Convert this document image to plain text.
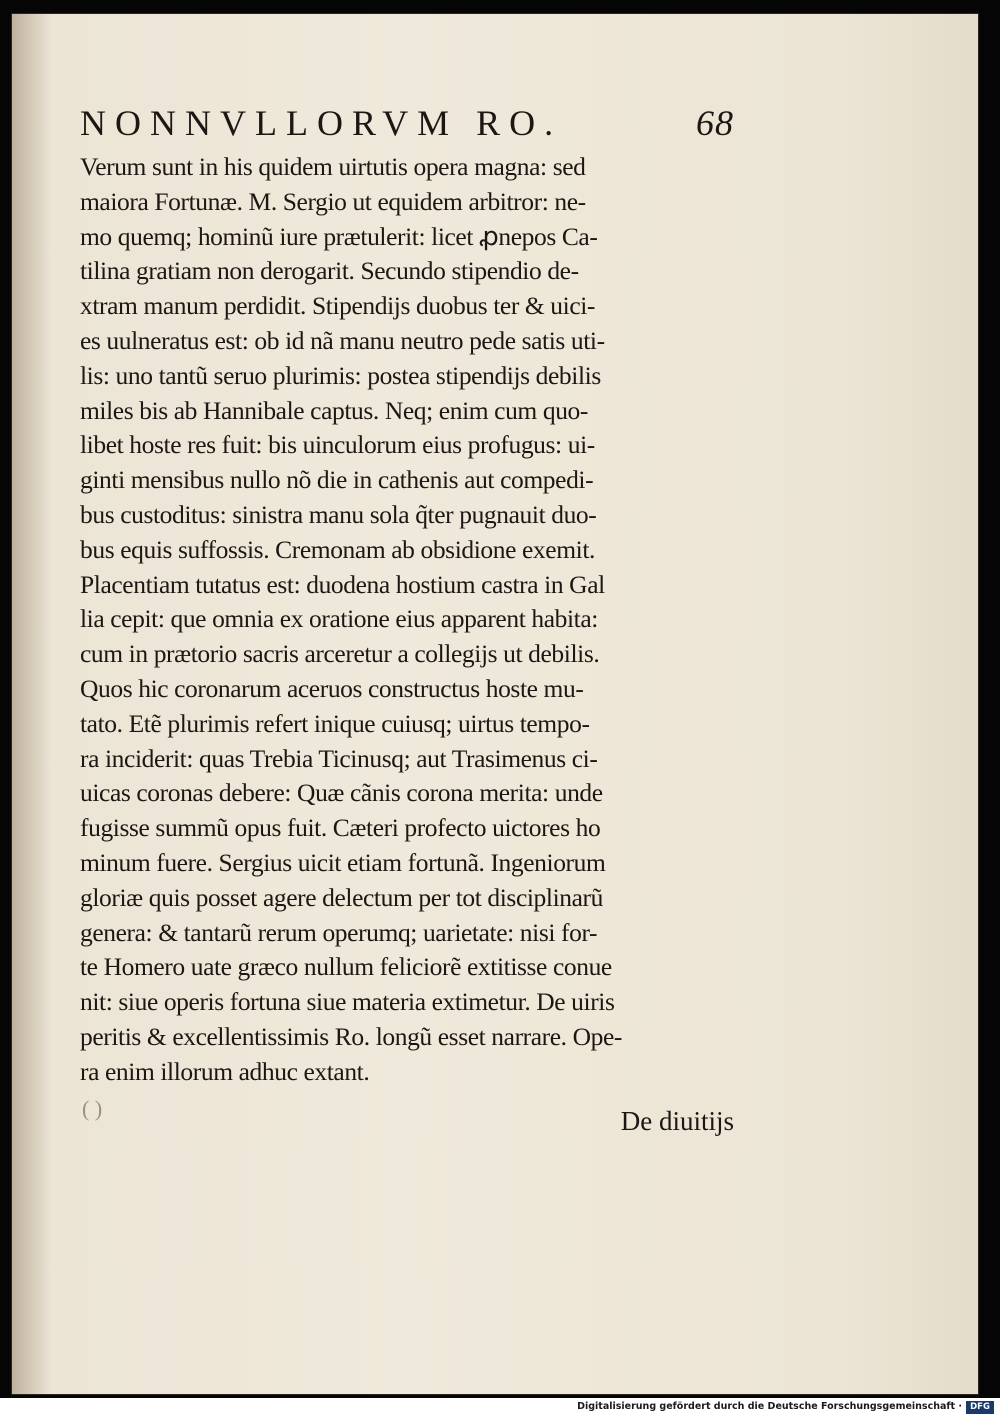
NONNVLLORVM RO.	68
Verum sunt in his quidem uirtutis opera magna: sed
maiora Fortunæ. M. Sergio ut equidem arbitror: ne-
mo quemq; hominũ iure prætulerit: licet ꝓnepos Ca-
tilina gratiam non derogarit. Secundo stipendio de-
xtram manum perdidit. Stipendijs duobus ter & uici-
es uulneratus est: ob id nã manu neutro pede satis uti-
lis: uno tantũ seruo plurimis: postea stipendijs debilis
miles bis ab Hannibale captus. Neq; enim cum quo-
libet hoste res fuit: bis uinculorum eius profugus: ui-
ginti mensibus nullo nõ die in cathenis aut compedi-
bus custoditus: sinistra manu sola q̃ter pugnauit duo-
bus equis suffossis. Cremonam ab obsidione exemit.
Placentiam tutatus est: duodena hostium castra in Gal
lia cepit: que omnia ex oratione eius apparent habita:
cum in prætorio sacris arceretur a collegijs ut debilis.
Quos hic coronarum aceruos constructus hoste mu-
tato. Etẽ plurimis refert inique cuiusq; uirtus tempo-
ra inciderit: quas Trebia Ticinusq; aut Trasimenus ci-
uicas coronas debere: Quæ cãnis corona merita: unde
fugisse summũ opus fuit. Cæteri profecto uictores ho
minum fuere. Sergius uicit etiam fortunã. Ingeniorum
gloriæ quis posset agere delectum per tot disciplinarũ
genera: & tantarũ rerum operumq; uarietate: nisi for-
te Homero uate græco nullum feliciorẽ extitisse conue
nit: siue operis fortuna siue materia extimetur. De uiris
peritis & excellentissimis Ro. longũ esset narrare. Ope-
ra enim illorum adhuc extant.
( )	De diuitijs
Digitalisierung gefördert durch die Deutsche Forschungsgemeinschaft · DFG
